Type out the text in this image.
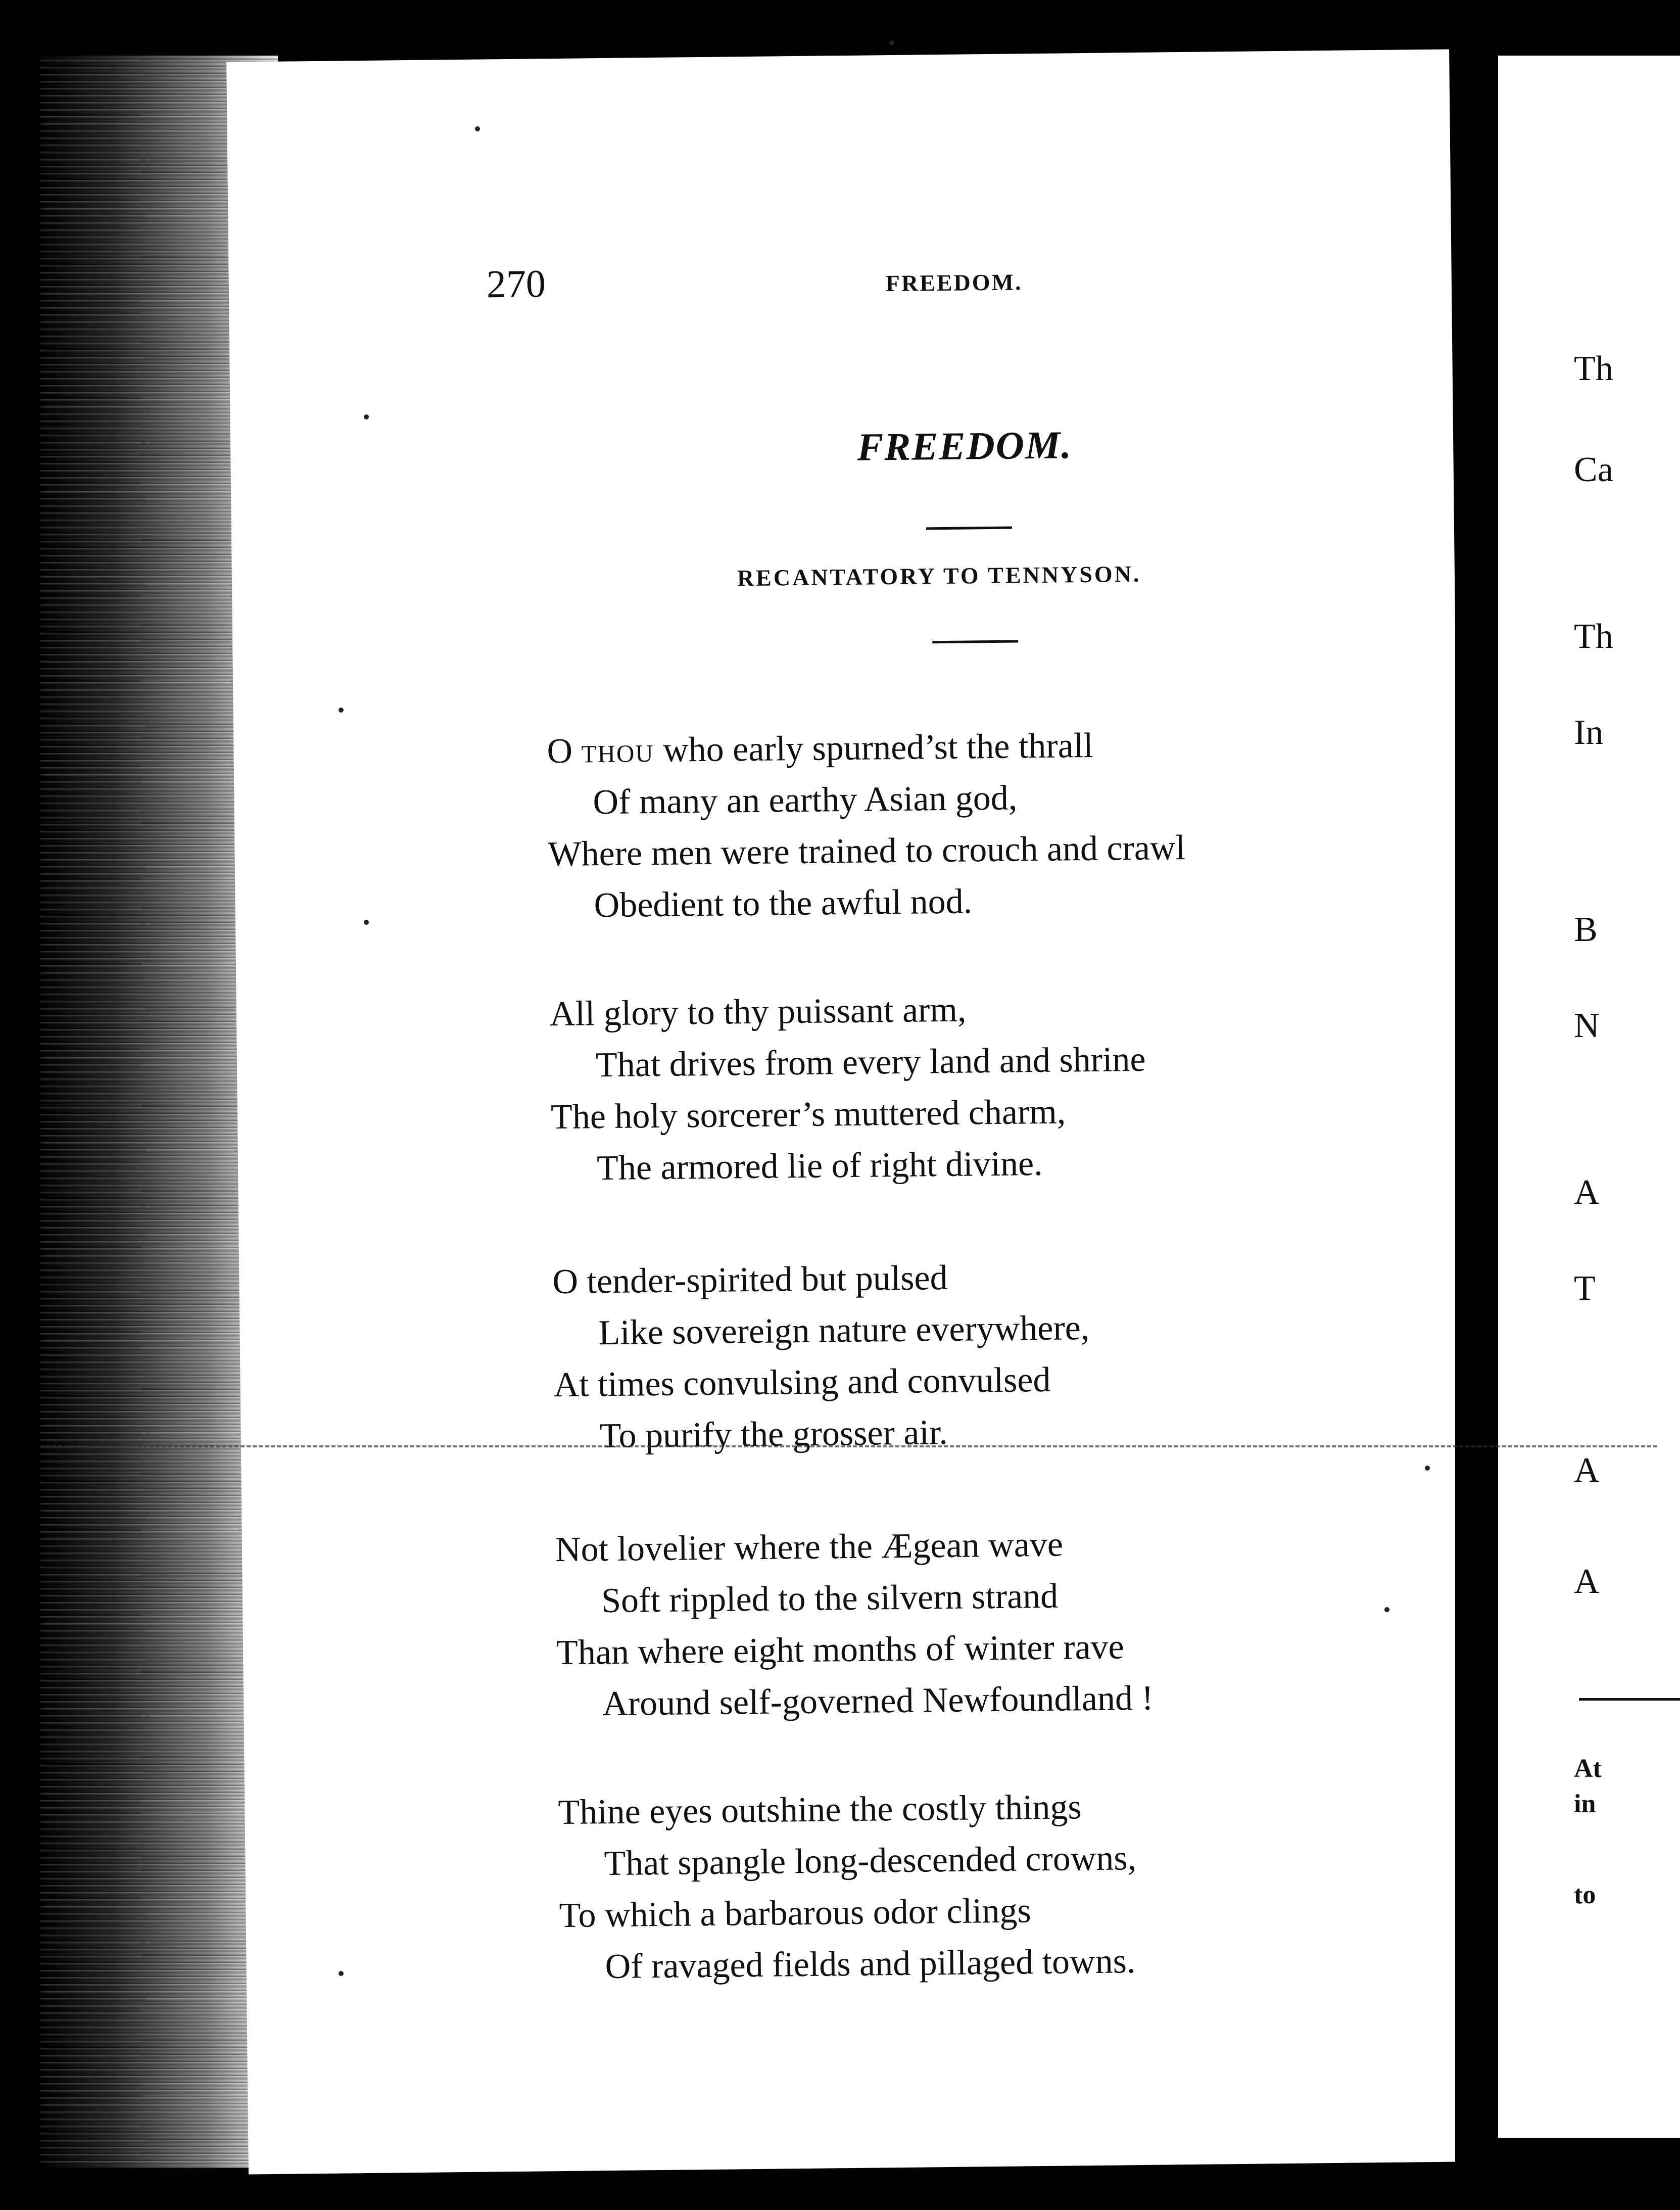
270	FREEDOM.
FREEDOM.
RECANTATORY TO TENNYSON.
O thou who early spurned’st the thrall
Of many an earthy Asian god,
Where men were trained to crouch and crawl
Obedient to the awful nod.
All glory to thy puissant arm,
That drives from every land and shrine
The holy sorcerer’s muttered charm,
The armored lie of right divine.
O tender-spirited but pulsed
Like sovereign nature everywhere,
At times convulsing and convulsed
To purify the grosser air.
Not lovelier where the Ægean wave
Soft rippled to the silvern strand
Than where eight months of winter rave
Around self-governed Newfoundland !
Thine eyes outshine the costly things
That spangle long-descended crowns,
To which a barbarous odor clings
Of ravaged fields and pillaged towns.
Th
Ca
Th
In
B
N
A
T
A
A
At
in
to
